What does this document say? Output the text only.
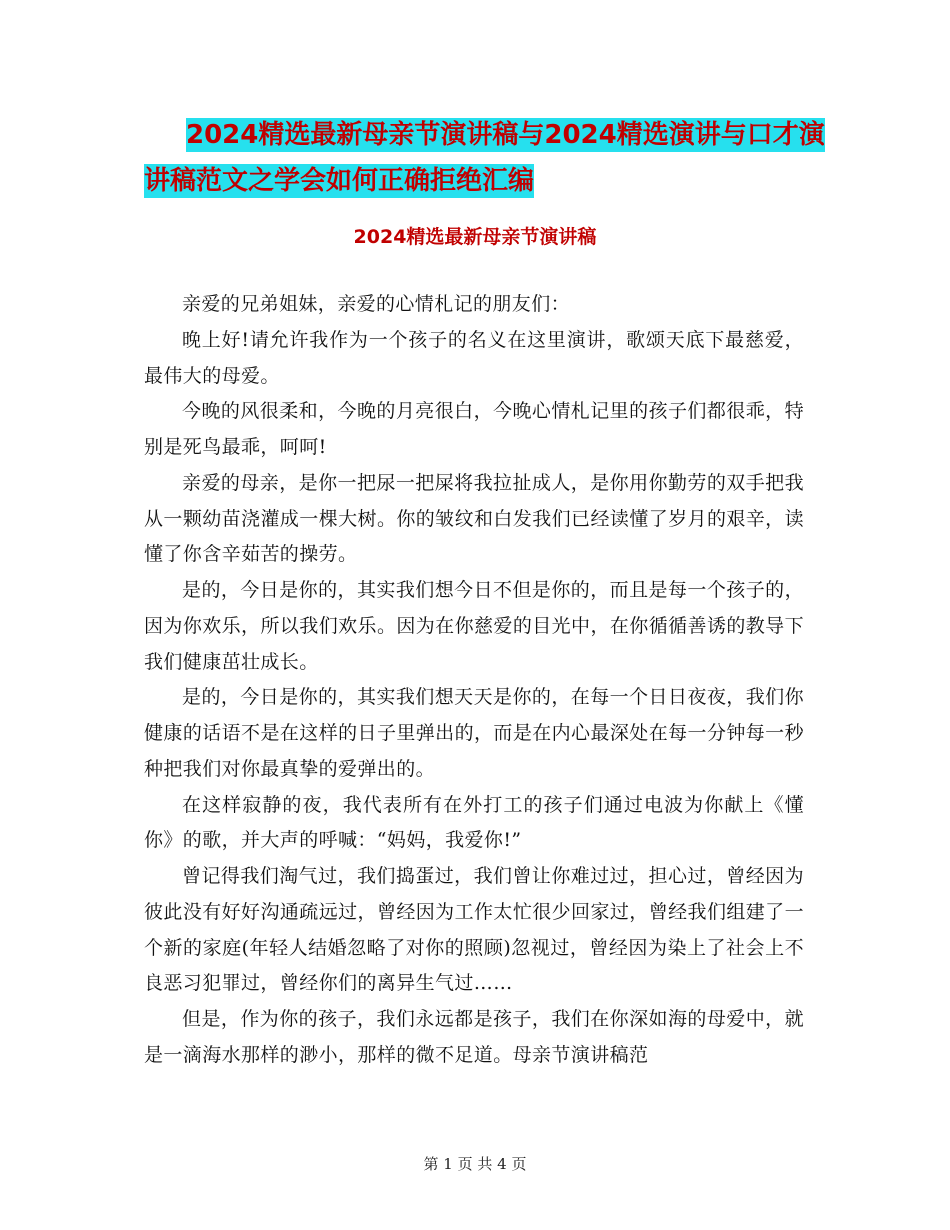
2024精选最新母亲节演讲稿与2024精选演讲与口才演
讲稿范文之学会如何正确拒绝汇编
2024精选最新母亲节演讲稿

亲爱的兄弟姐妹，亲爱的心情札记的朋友们：

晚上好!请允许我作为一个孩子的名义在这里演讲，歌颂天底下最慈爱，最伟大的母爱。

今晚的风很柔和，今晚的月亮很白，今晚心情札记里的孩子们都很乖，特别是死鸟最乖，呵呵!

亲爱的母亲，是你一把尿一把屎将我拉扯成人，是你用你勤劳的双手把我从一颗幼苗浇灌成一棵大树。你的皱纹和白发我们已经读懂了岁月的艰辛，读懂了你含辛茹苦的操劳。

是的，今日是你的，其实我们想今日不但是你的，而且是每一个孩子的，因为你欢乐，所以我们欢乐。因为在你慈爱的目光中，在你循循善诱的教导下我们健康茁壮成长。

是的，今日是你的，其实我们想天天是你的，在每一个日日夜夜，我们你健康的话语不是在这样的日子里弹出的，而是在内心最深处在每一分钟每一秒种把我们对你最真挚的爱弹出的。

在这样寂静的夜，我代表所有在外打工的孩子们通过电波为你献上《懂你》的歌，并大声的呼喊：“妈妈，我爱你!”

曾记得我们淘气过，我们捣蛋过，我们曾让你难过过，担心过，曾经因为彼此没有好好沟通疏远过，曾经因为工作太忙很少回家过，曾经我们组建了一个新的家庭(年轻人结婚忽略了对你的照顾)忽视过，曾经因为染上了社会上不良恶习犯罪过，曾经你们的离异生气过……

但是，作为你的孩子，我们永远都是孩子，我们在你深如海的母爱中，就是一滴海水那样的渺小，那样的微不足道。母亲节演讲稿范

第 1 页 共 4 页
